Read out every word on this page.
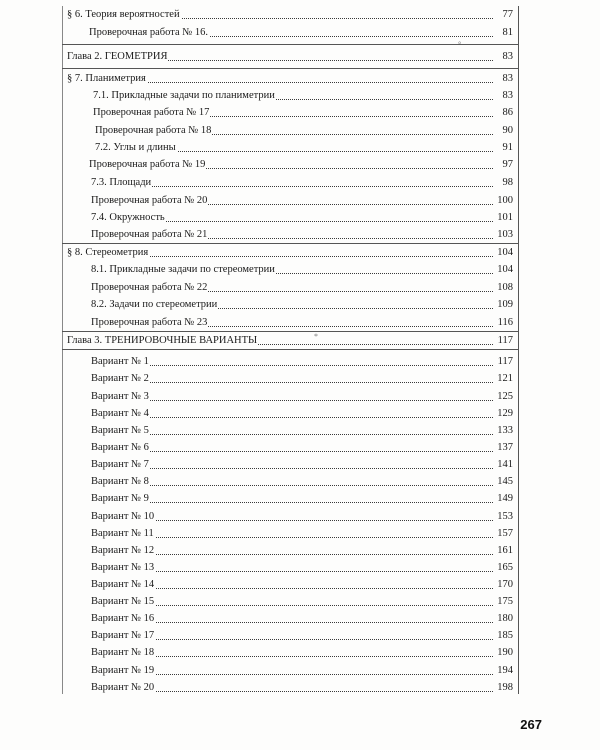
§ 6. Теория вероятностей	77
Проверочная работа № 16.	81
Глава 2. ГЕОМЕТРИЯ	83
§ 7. Планиметрия	83
7.1. Прикладные задачи по планиметрии	83
Проверочная работа № 17	86
Проверочная работа № 18	90
7.2. Углы и длины	91
Проверочная работа № 19	97
7.3. Площади	98
Проверочная работа № 20	100
7.4. Окружность	101
Проверочная работа № 21	103
§ 8. Стереометрия	104
8.1. Прикладные задачи по стереометрии	104
Проверочная работа № 22	108
8.2. Задачи по стереометрии	109
Проверочная работа № 23	116
Глава 3. ТРЕНИРОВОЧНЫЕ ВАРИАНТЫ	117
*
Вариант № 1	117
Вариант № 2	121
Вариант № 3	125
Вариант № 4	129
Вариант № 5	133
Вариант № 6	137
Вариант № 7	141
Вариант № 8	145
Вариант № 9	149
Вариант № 10	153
Вариант № 11	157
Вариант № 12	161
Вариант № 13	165
Вариант № 14	170
Вариант № 15	175
Вариант № 16	180
Вариант № 17	185
Вариант № 18	190
Вариант № 19	194
Вариант № 20	198
°
267
